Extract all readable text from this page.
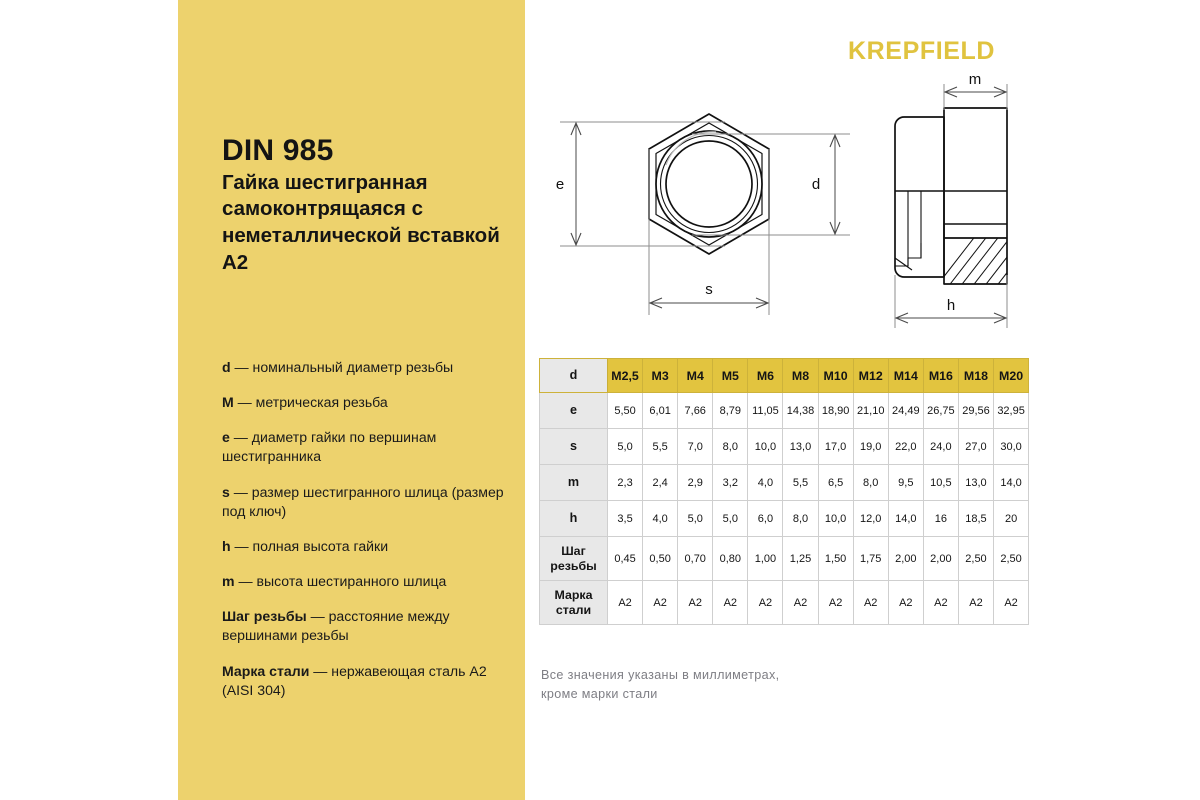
DIN 985
Гайка шестигранная самоконтрящаяся с неметаллической вставкой А2
d — номинальный диаметр резьбы
M — метрическая резьба
e — диаметр гайки по вершинам шестигранника
s — размер шестигранного шлица (размер под ключ)
h — полная высота гайки
m — высота шестиранного шлица
Шаг резьбы — расстояние между вершинами резьбы
Марка стали — нержавеющая сталь А2 (AISI 304)
KREPFIELD
e	d
s
m
h
d	M2,5	M3	M4	M5	M6	M8	M10	M12	M14	M16	M18	M20
e	5,50	6,01	7,66	8,79	11,05	14,38	18,90	21,10	24,49	26,75	29,56	32,95
s	5,0	5,5	7,0	8,0	10,0	13,0	17,0	19,0	22,0	24,0	27,0	30,0
m	2,3	2,4	2,9	3,2	4,0	5,5	6,5	8,0	9,5	10,5	13,0	14,0
h	3,5	4,0	5,0	5,0	6,0	8,0	10,0	12,0	14,0	16	18,5	20
Шаг резьбы	0,45	0,50	0,70	0,80	1,00	1,25	1,50	1,75	2,00	2,00	2,50	2,50
Марка стали	A2	A2	A2	A2	A2	A2	A2	A2	A2	A2	A2	A2
Все значения указаны в миллиметрах,
кроме марки стали
